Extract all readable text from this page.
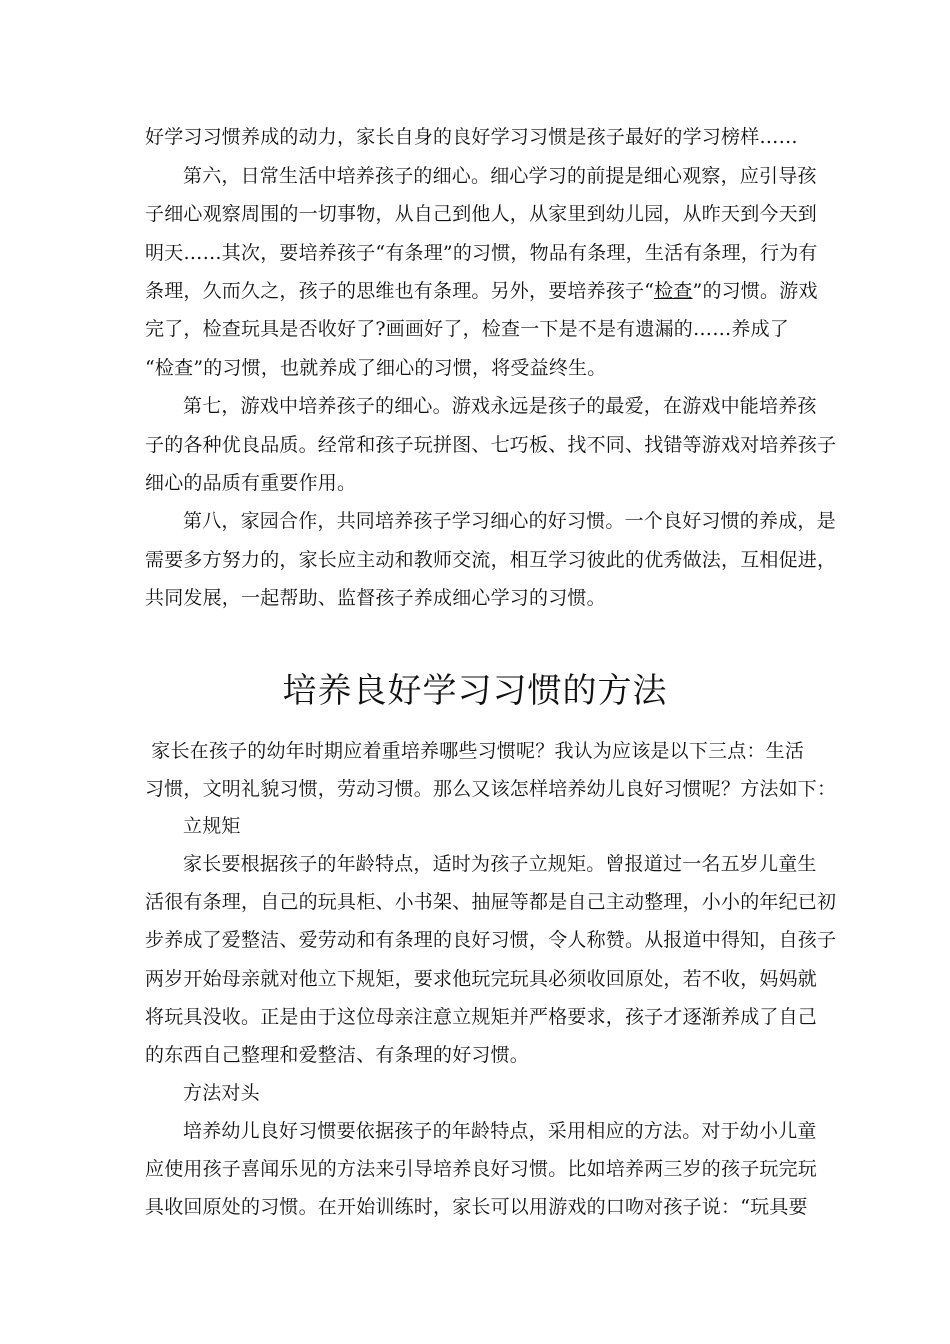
好学习习惯养成的动力，家长自身的良好学习习惯是孩子最好的学习榜样……
第六，日常生活中培养孩子的细心。细心学习的前提是细心观察，应引导孩
子细心观察周围的一切事物，从自己到他人，从家里到幼儿园，从昨天到今天到
明天……其次，要培养孩子“有条理”的习惯，物品有条理，生活有条理，行为有
条理，久而久之，孩子的思维也有条理。另外，要培养孩子“检查”的习惯。游戏
完了，检查玩具是否收好了?画画好了，检查一下是不是有遗漏的……养成了
“检查”的习惯，也就养成了细心的习惯，将受益终生。
第七，游戏中培养孩子的细心。游戏永远是孩子的最爱，在游戏中能培养孩
子的各种优良品质。经常和孩子玩拼图、七巧板、找不同、找错等游戏对培养孩子
细心的品质有重要作用。
第八，家园合作，共同培养孩子学习细心的好习惯。一个良好习惯的养成，是
需要多方努力的，家长应主动和教师交流，相互学习彼此的优秀做法，互相促进，
共同发展，一起帮助、监督孩子养成细心学习的习惯。
培养良好学习习惯的方法
家长在孩子的幼年时期应着重培养哪些习惯呢？我认为应该是以下三点：生活
习惯，文明礼貌习惯，劳动习惯。那么又该怎样培养幼儿良好习惯呢？方法如下：
立规矩
家长要根据孩子的年龄特点，适时为孩子立规矩。曾报道过一名五岁儿童生
活很有条理，自己的玩具柜、小书架、抽屉等都是自己主动整理，小小的年纪已初
步养成了爱整洁、爱劳动和有条理的良好习惯，令人称赞。从报道中得知，自孩子
两岁开始母亲就对他立下规矩，要求他玩完玩具必须收回原处，若不收，妈妈就
将玩具没收。正是由于这位母亲注意立规矩并严格要求，孩子才逐渐养成了自己
的东西自己整理和爱整洁、有条理的好习惯。
方法对头
培养幼儿良好习惯要依据孩子的年龄特点，采用相应的方法。对于幼小儿童
应使用孩子喜闻乐见的方法来引导培养良好习惯。比如培养两三岁的孩子玩完玩
具收回原处的习惯。在开始训练时，家长可以用游戏的口吻对孩子说：“玩具要
